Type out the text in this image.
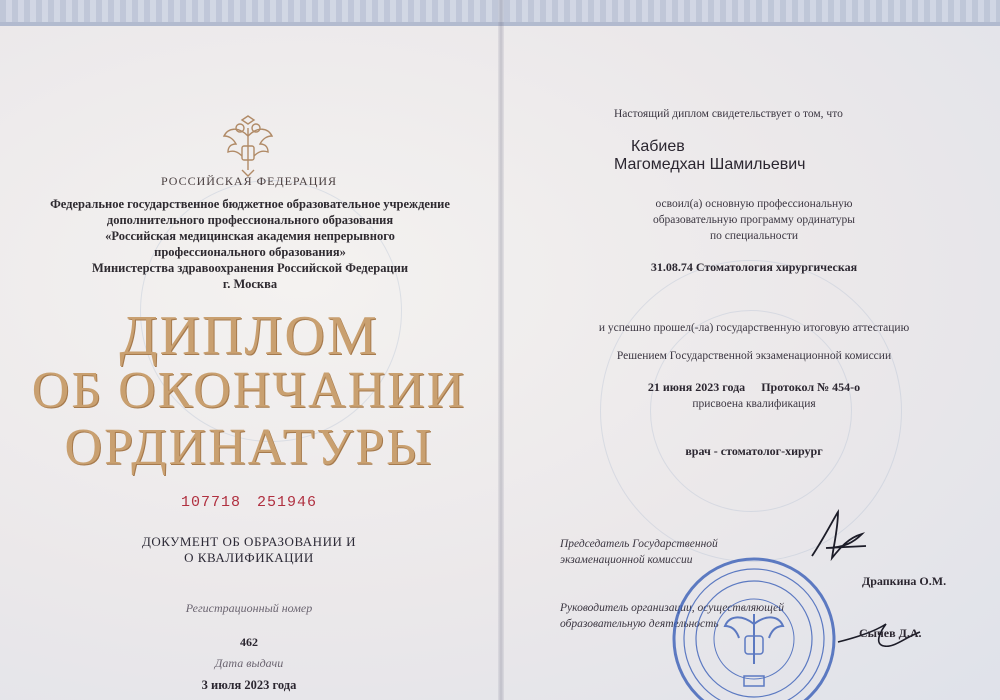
РОССИЙСКАЯ ФЕДЕРАЦИЯ
Федеральное государственное бюджетное образовательное учреждение
дополнительного профессионального образования
«Российская медицинская академия непрерывного
профессионального образования»
Министерства здравоохранения Российской Федерации
г. Москва
ДИПЛОМ
ОБ ОКОНЧАНИИ
ОРДИНАТУРЫ
107718 251946
ДОКУМЕНТ ОБ ОБРАЗОВАНИИ И
О КВАЛИФИКАЦИИ
Регистрационный номер
462
Дата выдачи
3 июля 2023 года
Настоящий диплом свидетельствует о том, что
Кабиев
Магомедхан Шамильевич
освоил(а) основную профессиональную
образовательную программу ординатуры
по специальности
31.08.74 Стоматология хирургическая
и успешно прошел(-ла) государственную итоговую аттестацию
Решением Государственной экзаменационной комиссии
21 июня 2023 года Протокол № 454-о
присвоена квалификация
врач - стоматолог-хирург
Председатель Государственной
экзаменационной комиссии
Драпкина О.М.
Руководитель организации, осуществляющей
образовательную деятельность
Сычев Д.А.
